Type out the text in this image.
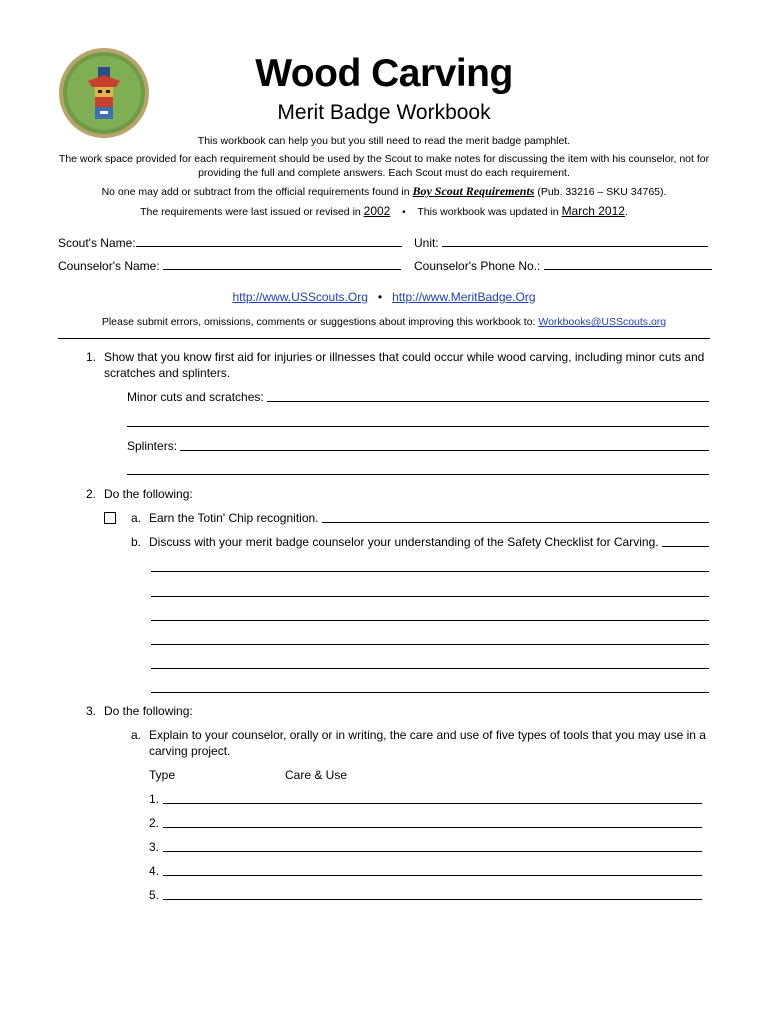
Wood Carving
Merit Badge Workbook
This workbook can help you but you still need to read the merit badge pamphlet.
The work space provided for each requirement should be used by the Scout to make notes for discussing the item with his counselor, not for
providing the full and complete answers. Each Scout must do each requirement.
No one may add or subtract from the official requirements found in Boy Scout Requirements (Pub. 33216 – SKU 34765).
The requirements were last issued or revised in 2002 • This workbook was updated in March 2012.
Scout's Name:	Unit:
Counselor's Name:	Counselor's Phone No.:
http://www.USScouts.Org • http://www.MeritBadge.Org
Please submit errors, omissions, comments or suggestions about improving this workbook to: Workbooks@USScouts.org
1. Show that you know first aid for injuries or illnesses that could occur while wood carving, including minor cuts and
scratches and splinters.
Minor cuts and scratches:
Splinters:
2. Do the following:
a. Earn the Totin' Chip recognition.
b. Discuss with your merit badge counselor your understanding of the Safety Checklist for Carving.
3. Do the following:
a. Explain to your counselor, orally or in writing, the care and use of five types of tools that you may use in a
carving project.
Type	Care & Use
1.
2.
3.
4.
5.
